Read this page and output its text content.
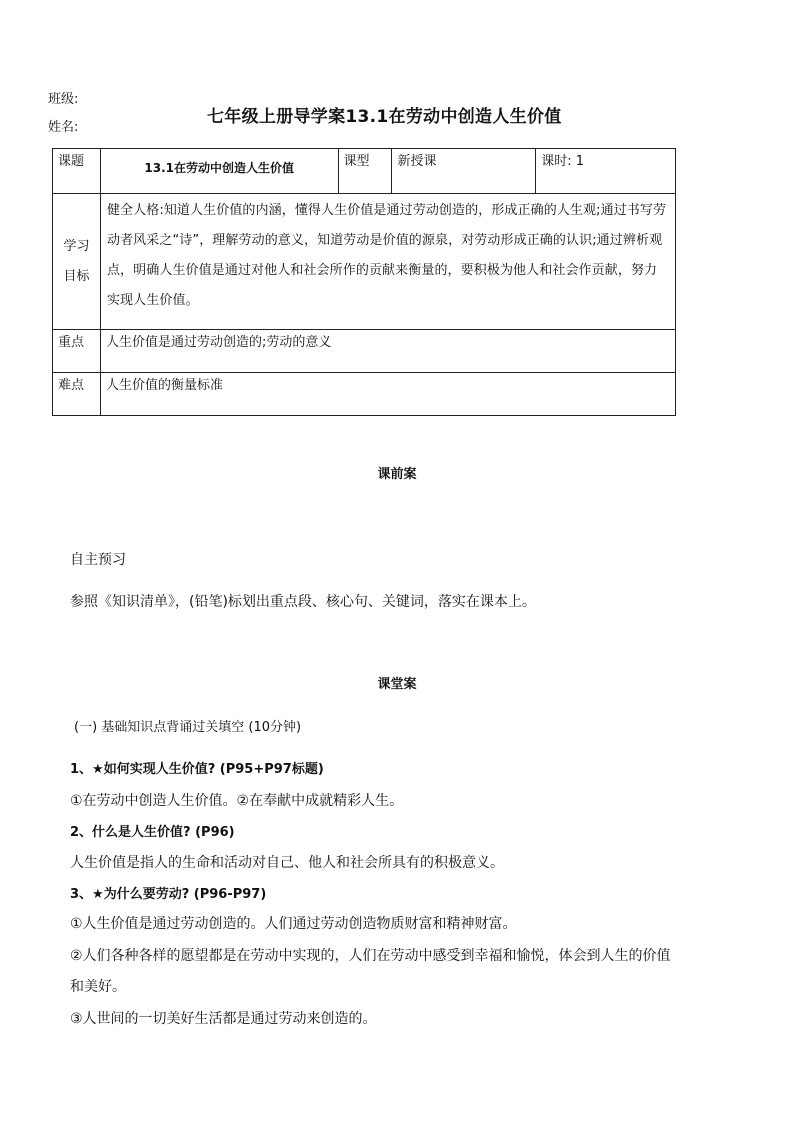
班级:
姓名:
七年级上册导学案13.1在劳动中创造人生价值
课题	13.1在劳动中创造人生价值	课型	新授课	课时: 1

学习
目标	健全人格:知道人生价值的内涵，懂得人生价值是通过劳动创造的，形成正确的人生观;通过书写劳动者风采之“诗”，理解劳动的意义，知道劳动是价值的源泉，对劳动形成正确的认识;通过辨析观点，明确人生价值是通过对他人和社会所作的贡献来衡量的，要积极为他人和社会作贡献，努力实现人生价值。			
重点	人生价值是通过劳动创造的;劳动的意义			
难点	人生价值的衡量标准			
课前案
自主预习
参照《知识清单》，(铅笔)标划出重点段、核心句、关键词，落实在课本上。
课堂案
(一) 基础知识点背诵过关填空 (10分钟)
1、★如何实现人生价值? (P95+P97标题)
①在劳动中创造人生价值。②在奉献中成就精彩人生。
2、什么是人生价值? (P96)
人生价值是指人的生命和活动对自己、他人和社会所具有的积极意义。
3、★为什么要劳动? (P96-P97)
①人生价值是通过劳动创造的。人们通过劳动创造物质财富和精神财富。
②人们各种各样的愿望都是在劳动中实现的，人们在劳动中感受到幸福和愉悦，体会到人生的价值
和美好。
③人世间的一切美好生活都是通过劳动来创造的。
